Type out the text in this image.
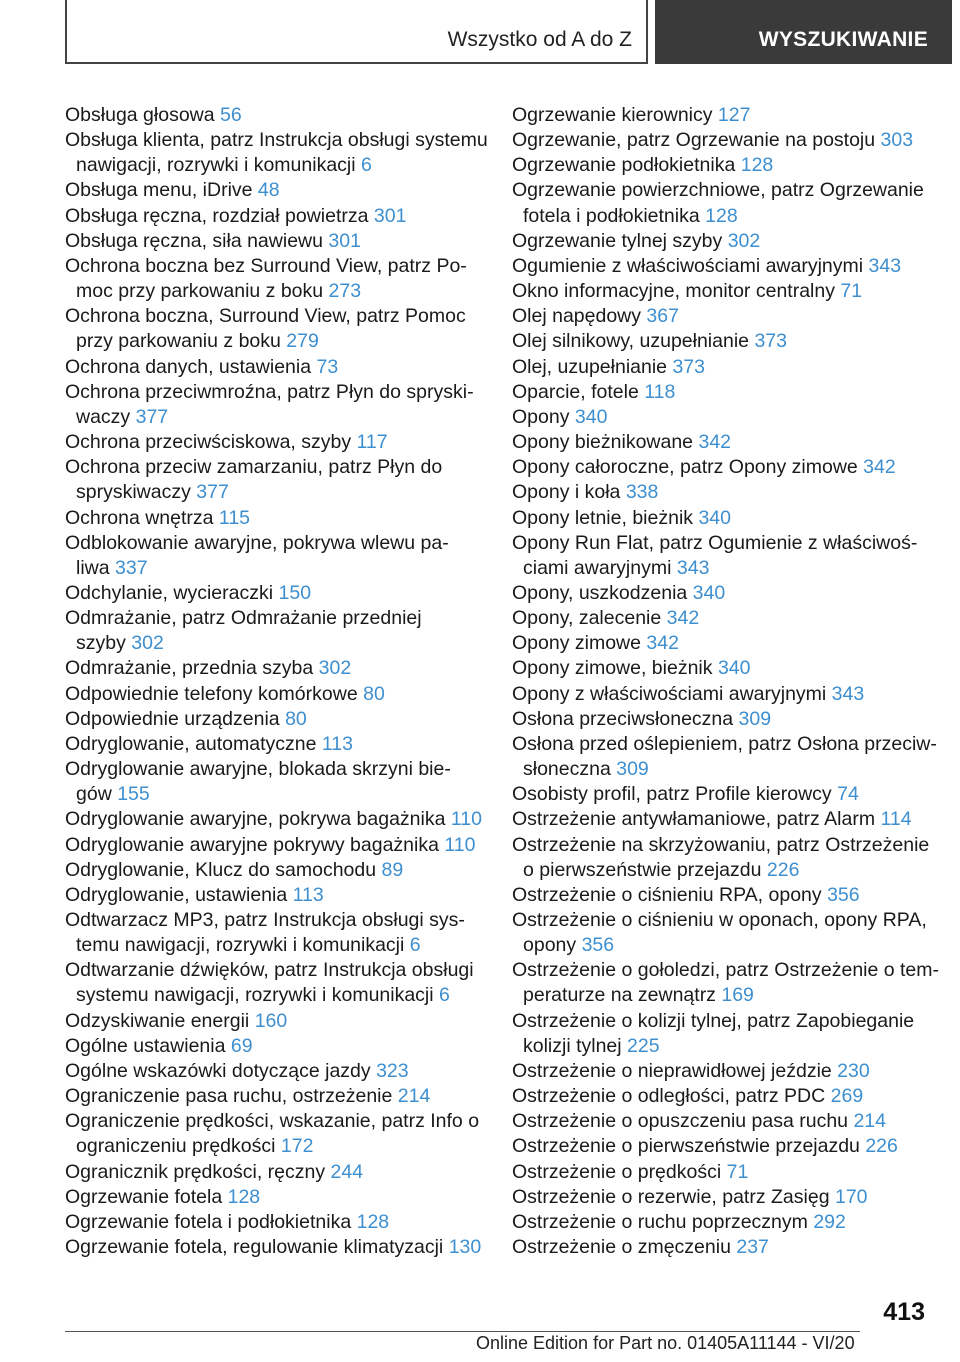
Wszystko od A do Z	WYSZUKIWANIE
Obsługa głosowa 56
Obsługa klienta, patrz Instrukcja obsługi systemu
nawigacji, rozrywki i komunikacji 6
Obsługa menu, iDrive 48
Obsługa ręczna, rozdział powietrza 301
Obsługa ręczna, siła nawiewu 301
Ochrona boczna bez Surround View, patrz Po-
moc przy parkowaniu z boku 273
Ochrona boczna, Surround View, patrz Pomoc
przy parkowaniu z boku 279
Ochrona danych, ustawienia 73
Ochrona przeciwmroźna, patrz Płyn do spryski-
waczy 377
Ochrona przeciwściskowa, szyby 117
Ochrona przeciw zamarzaniu, patrz Płyn do
spryskiwaczy 377
Ochrona wnętrza 115
Odblokowanie awaryjne, pokrywa wlewu pa-
liwa 337
Odchylanie, wycieraczki 150
Odmrażanie, patrz Odmrażanie przedniej
szyby 302
Odmrażanie, przednia szyba 302
Odpowiednie telefony komórkowe 80
Odpowiednie urządzenia 80
Odryglowanie, automatyczne 113
Odryglowanie awaryjne, blokada skrzyni bie-
gów 155
Odryglowanie awaryjne, pokrywa bagażnika 110
Odryglowanie awaryjne pokrywy bagażnika 110
Odryglowanie, Klucz do samochodu 89
Odryglowanie, ustawienia 113
Odtwarzacz MP3, patrz Instrukcja obsługi sys-
temu nawigacji, rozrywki i komunikacji 6
Odtwarzanie dźwięków, patrz Instrukcja obsługi
systemu nawigacji, rozrywki i komunikacji 6
Odzyskiwanie energii 160
Ogólne ustawienia 69
Ogólne wskazówki dotyczące jazdy 323
Ograniczenie pasa ruchu, ostrzeżenie 214
Ograniczenie prędkości, wskazanie, patrz Info o
ograniczeniu prędkości 172
Ogranicznik prędkości, ręczny 244
Ogrzewanie fotela 128
Ogrzewanie fotela i podłokietnika 128
Ogrzewanie fotela, regulowanie klimatyzacji 130
Ogrzewanie kierownicy 127
Ogrzewanie, patrz Ogrzewanie na postoju 303
Ogrzewanie podłokietnika 128
Ogrzewanie powierzchniowe, patrz Ogrzewanie
fotela i podłokietnika 128
Ogrzewanie tylnej szyby 302
Ogumienie z właściwościami awaryjnymi 343
Okno informacyjne, monitor centralny 71
Olej napędowy 367
Olej silnikowy, uzupełnianie 373
Olej, uzupełnianie 373
Oparcie, fotele 118
Opony 340
Opony bieżnikowane 342
Opony całoroczne, patrz Opony zimowe 342
Opony i koła 338
Opony letnie, bieżnik 340
Opony Run Flat, patrz Ogumienie z właściwoś-
ciami awaryjnymi 343
Opony, uszkodzenia 340
Opony, zalecenie 342
Opony zimowe 342
Opony zimowe, bieżnik 340
Opony z właściwościami awaryjnymi 343
Osłona przeciwsłoneczna 309
Osłona przed oślepieniem, patrz Osłona przeciw-
słoneczna 309
Osobisty profil, patrz Profile kierowcy 74
Ostrzeżenie antywłamaniowe, patrz Alarm 114
Ostrzeżenie na skrzyżowaniu, patrz Ostrzeżenie
o pierwszeństwie przejazdu 226
Ostrzeżenie o ciśnieniu RPA, opony 356
Ostrzeżenie o ciśnieniu w oponach, opony RPA,
opony 356
Ostrzeżenie o gołoledzi, patrz Ostrzeżenie o tem-
peraturze na zewnątrz 169
Ostrzeżenie o kolizji tylnej, patrz Zapobieganie
kolizji tylnej 225
Ostrzeżenie o nieprawidłowej jeździe 230
Ostrzeżenie o odległości, patrz PDC 269
Ostrzeżenie o opuszczeniu pasa ruchu 214
Ostrzeżenie o pierwszeństwie przejazdu 226
Ostrzeżenie o prędkości 71
Ostrzeżenie o rezerwie, patrz Zasięg 170
Ostrzeżenie o ruchu poprzecznym 292
Ostrzeżenie o zmęczeniu 237
413
Online Edition for Part no. 01405A11144 - VI/20
